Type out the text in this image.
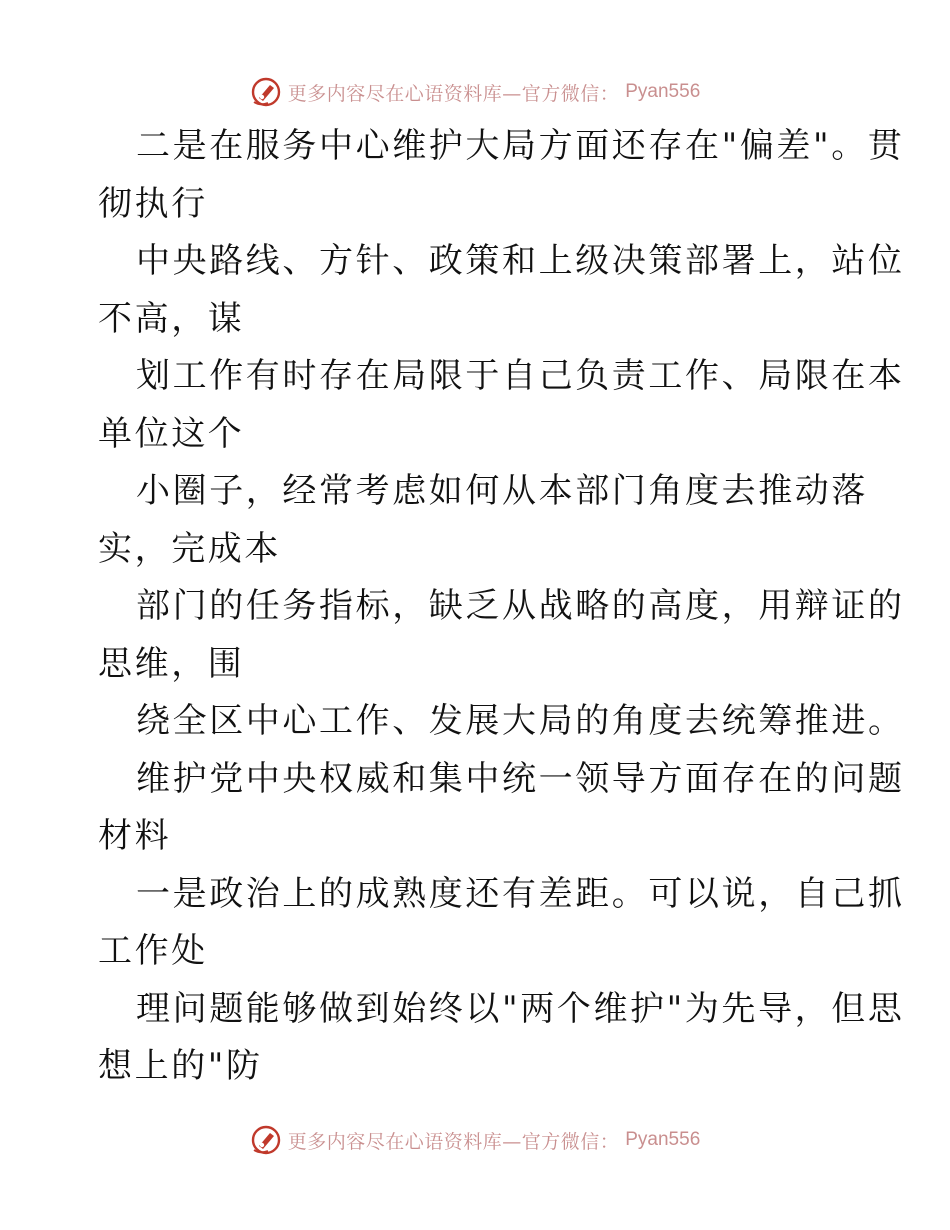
更多内容尽在心语资料库—官方微信： Pyan556

二是在服务中心维护大局方面还存在"偏差"。贯
彻执行

中央路线、方针、政策和上级决策部署上，站位
不高，谋

划工作有时存在局限于自己负责工作、局限在本
单位这个

小圈子，经常考虑如何从本部门角度去推动落
实，完成本

部门的任务指标，缺乏从战略的高度，用辩证的
思维，围

绕全区中心工作、发展大局的角度去统筹推进。

维护党中央权威和集中统一领导方面存在的问题
材料

一是政治上的成熟度还有差距。可以说，自己抓
工作处

理问题能够做到始终以"两个维护"为先导，但思
想上的"防

更多内容尽在心语资料库—官方微信： Pyan556
